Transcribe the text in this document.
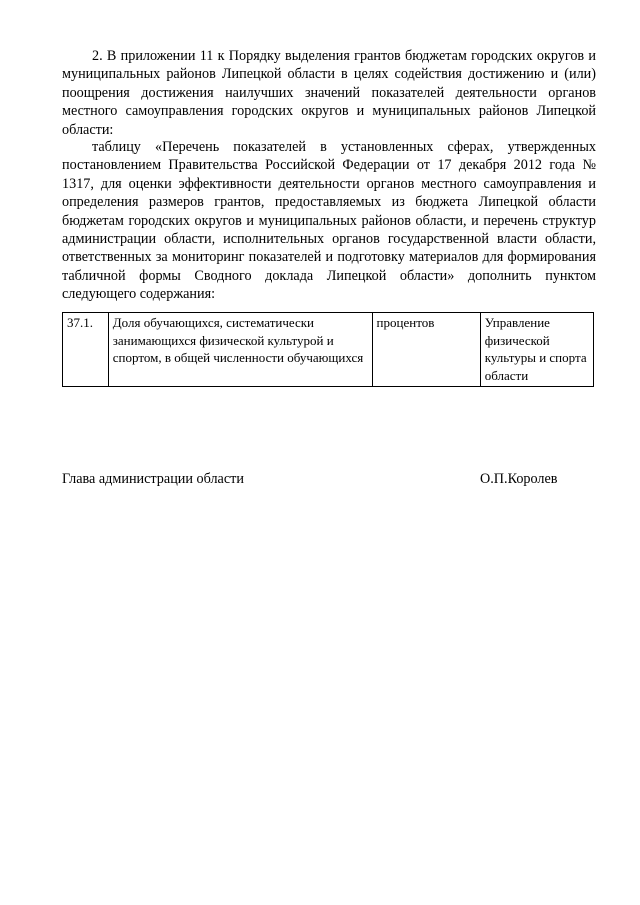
2. В приложении 11 к Порядку выделения грантов бюджетам городских округов и муниципальных районов Липецкой области в целях содействия достижению и (или) поощрения достижения наилучших значений показателей деятельности органов местного самоуправления городских округов и муниципальных районов Липецкой области:

таблицу «Перечень показателей в установленных сферах, утвержденных постановлением Правительства Российской Федерации от 17 декабря 2012 года № 1317, для оценки эффективности деятельности органов местного самоуправления и определения размеров грантов, предоставляемых из бюджета Липецкой области бюджетам городских округов и муниципальных районов области, и перечень структур администрации области, исполнительных органов государственной власти области, ответственных за мониторинг показателей и подготовку материалов для формирования табличной формы Сводного доклада Липецкой области» дополнить пунктом следующего содержания:

37.1.	Доля обучающихся, систематически занимающихся физической культурой и спортом, в общей численности обучающихся	процентов	Управление физической культуры и спорта области
Глава администрации области	О.П.Королев
